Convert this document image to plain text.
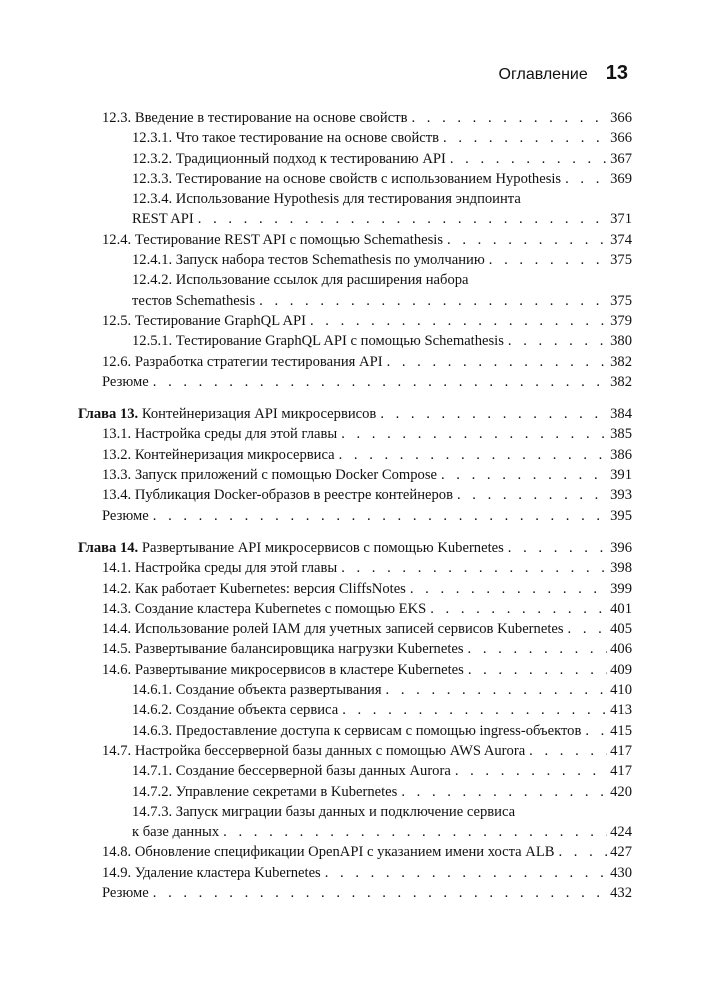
Оглавление 13
12.3. Введение в тестирование на основе свойств . . .	366
12.3.1. Что такое тестирование на основе свойств . . .	366
12.3.2. Традиционный подход к тестированию API . . .	367
12.3.3. Тестирование на основе свойств с использованием Hypothesis . . .	369
12.3.4. Использование Hypothesis для тестирования эндпоинта
REST API . . .	371
12.4. Тестирование REST API с помощью Schemathesis . . .	374
12.4.1. Запуск набора тестов Schemathesis по умолчанию . . .	375
12.4.2. Использование ссылок для расширения набора
тестов Schemathesis . . .	375
12.5. Тестирование GraphQL API . . .	379
12.5.1. Тестирование GraphQL API с помощью Schemathesis . . .	380
12.6. Разработка стратегии тестирования API . . .	382
Резюме . . .	382
Глава 13. Контейнеризация API микросервисов . . .	384
13.1. Настройка среды для этой главы . . .	385
13.2. Контейнеризация микросервиса . . .	386
13.3. Запуск приложений с помощью Docker Compose . . .	391
13.4. Публикация Docker-образов в реестре контейнеров . . .	393
Резюме . . .	395
Глава 14. Развертывание API микросервисов с помощью Kubernetes . . .	396
14.1. Настройка среды для этой главы . . .	398
14.2. Как работает Kubernetes: версия CliffsNotes . . .	399
14.3. Создание кластера Kubernetes с помощью EKS . . .	401
14.4. Использование ролей IAM для учетных записей сервисов Kubernetes . . .	405
14.5. Развертывание балансировщика нагрузки Kubernetes . . .	406
14.6. Развертывание микросервисов в кластере Kubernetes . . .	409
14.6.1. Создание объекта развертывания . . .	410
14.6.2. Создание объекта сервиса . . .	413
14.6.3. Предоставление доступа к сервисам с помощью ingress-объектов . . . 415
14.7. Настройка бессерверной базы данных с помощью AWS Aurora . . .	417
14.7.1. Создание бессерверной базы данных Aurora . . .	417
14.7.2. Управление секретами в Kubernetes . . .	420
14.7.3. Запуск миграции базы данных и подключение сервиса
к базе данных . . .	424
14.8. Обновление спецификации OpenAPI с указанием имени хоста ALB . . .	427
14.9. Удаление кластера Kubernetes . . .	430
Резюме . . .	432
